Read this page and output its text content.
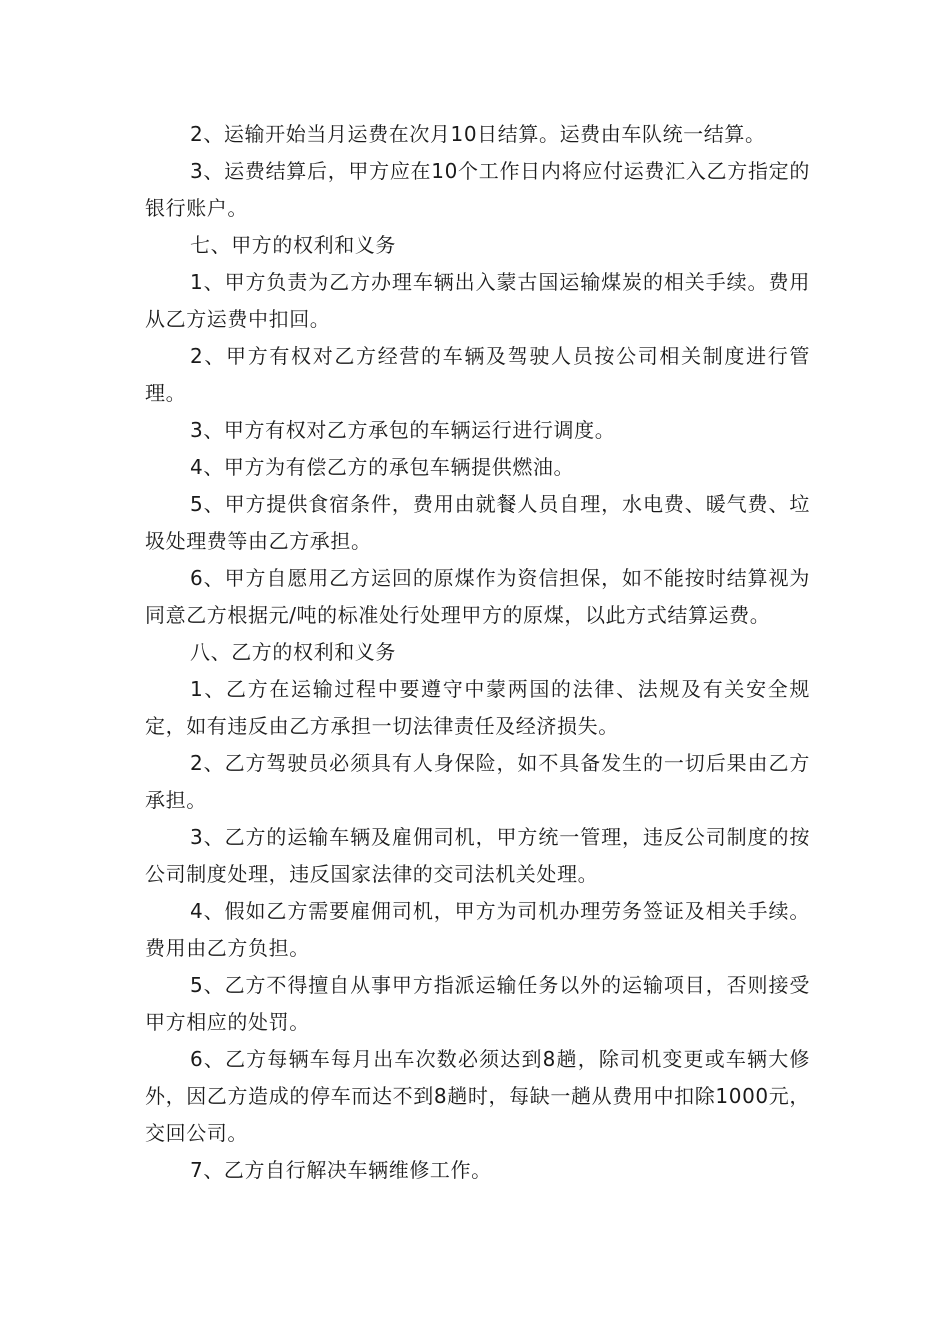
2、运输开始当月运费在次月10日结算。运费由车队统一结算。

3、运费结算后，甲方应在10个工作日内将应付运费汇入乙方指定的银行账户。

七、甲方的权利和义务

1、甲方负责为乙方办理车辆出入蒙古国运输煤炭的相关手续。费用从乙方运费中扣回。

2、甲方有权对乙方经营的车辆及驾驶人员按公司相关制度进行管理。

3、甲方有权对乙方承包的车辆运行进行调度。

4、甲方为有偿乙方的承包车辆提供燃油。

5、甲方提供食宿条件，费用由就餐人员自理，水电费、暖气费、垃圾处理费等由乙方承担。

6、甲方自愿用乙方运回的原煤作为资信担保，如不能按时结算视为同意乙方根据元/吨的标准处行处理甲方的原煤，以此方式结算运费。

八、乙方的权利和义务

1、乙方在运输过程中要遵守中蒙两国的法律、法规及有关安全规定，如有违反由乙方承担一切法律责任及经济损失。

2、乙方驾驶员必须具有人身保险，如不具备发生的一切后果由乙方承担。

3、乙方的运输车辆及雇佣司机，甲方统一管理，违反公司制度的按公司制度处理，违反国家法律的交司法机关处理。

4、假如乙方需要雇佣司机，甲方为司机办理劳务签证及相关手续。费用由乙方负担。

5、乙方不得擅自从事甲方指派运输任务以外的运输项目，否则接受甲方相应的处罚。

6、乙方每辆车每月出车次数必须达到8趟，除司机变更或车辆大修外，因乙方造成的停车而达不到8趟时，每缺一趟从费用中扣除1000元，交回公司。

7、乙方自行解决车辆维修工作。
